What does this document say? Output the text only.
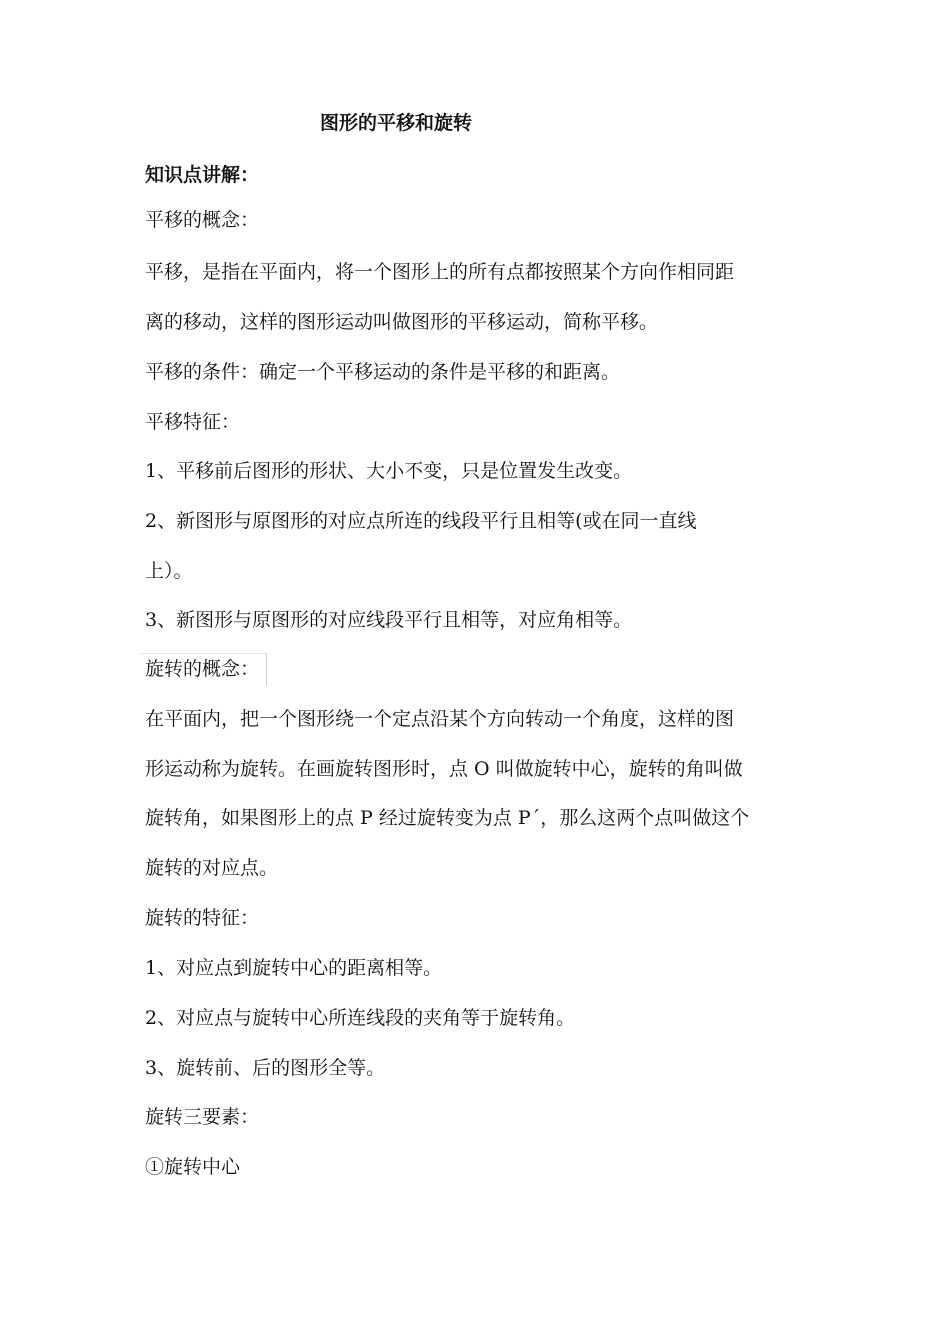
图形的平移和旋转
知识点讲解：
平移的概念：
平移，是指在平面内，将一个图形上的所有点都按照某个方向作相同距
离的移动，这样的图形运动叫做图形的平移运动，简称平移。
平移的条件：确定一个平移运动的条件是平移的和距离。
平移特征：
1、平移前后图形的形状、大小不变，只是位置发生改变。
2、新图形与原图形的对应点所连的线段平行且相等(或在同一直线
上）。
3、新图形与原图形的对应线段平行且相等，对应角相等。
旋转的概念：
在平面内，把一个图形绕一个定点沿某个方向转动一个角度，这样的图
形运动称为旋转。在画旋转图形时，点 O 叫做旋转中心，旋转的角叫做
旋转角，如果图形上的点 P 经过旋转变为点 P´，那么这两个点叫做这个
旋转的对应点。
旋转的特征：
1、对应点到旋转中心的距离相等。
2、对应点与旋转中心所连线段的夹角等于旋转角。
3、旋转前、后的图形全等。
旋转三要素：
①旋转中心
